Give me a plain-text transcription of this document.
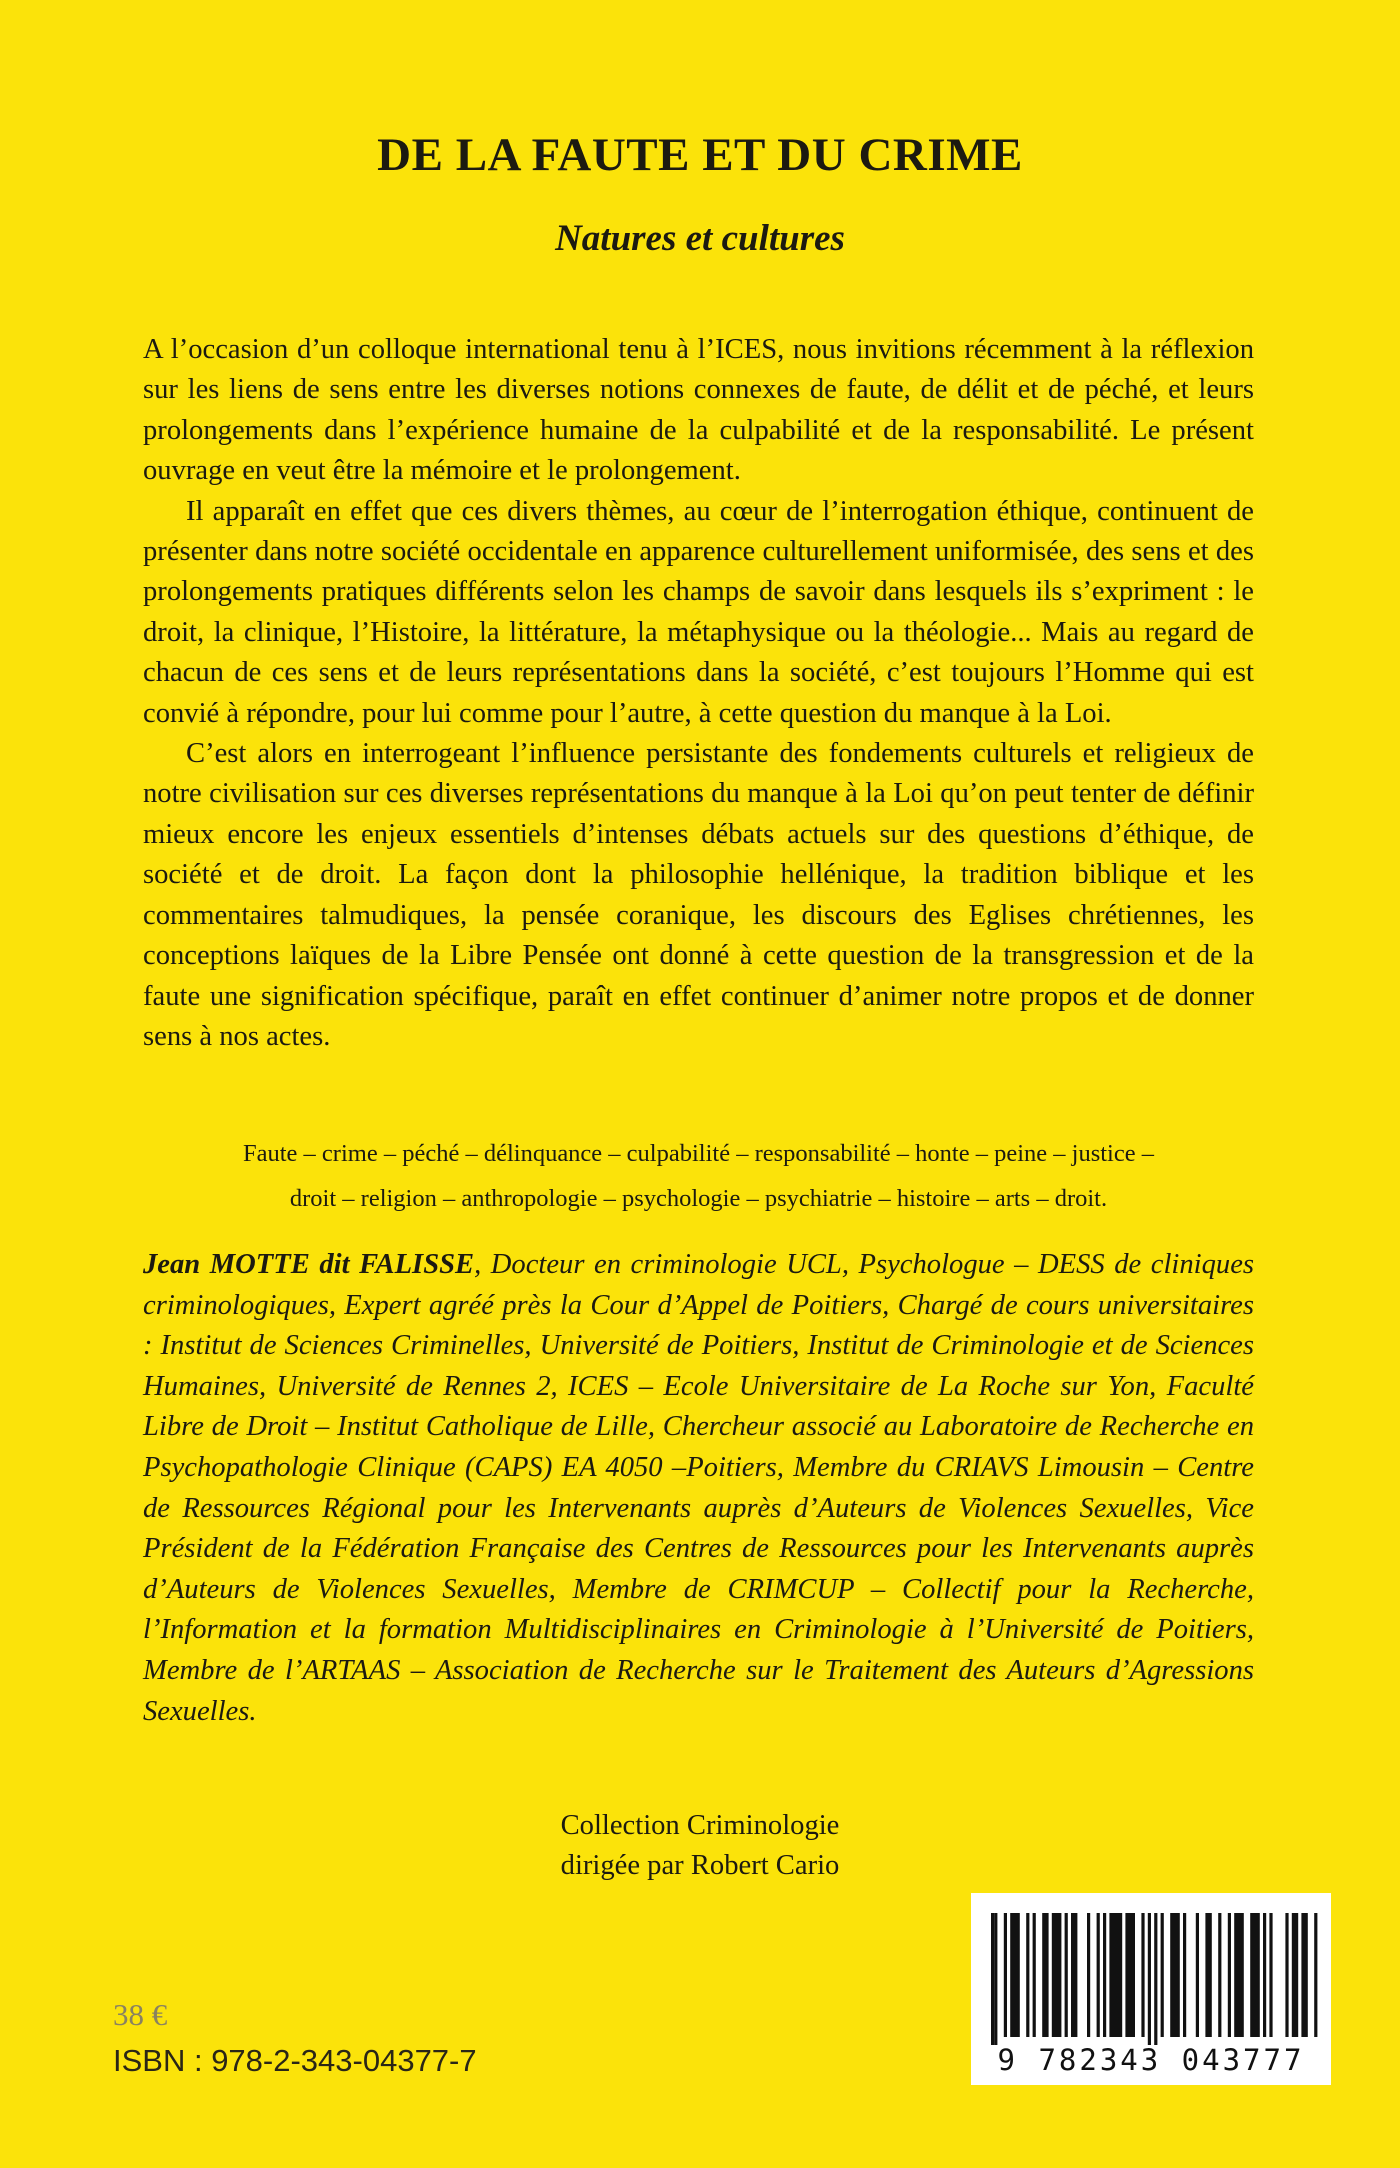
DE LA FAUTE ET DU CRIME
Natures et cultures

A l’occasion d’un colloque international tenu à l’ICES, nous invitions récemment à la réflexion sur les liens de sens entre les diverses notions connexes de faute, de délit et de péché, et leurs prolongements dans l’expérience humaine de la culpabilité et de la responsabilité. Le présent ouvrage en veut être la mémoire et le prolongement.

Il apparaît en effet que ces divers thèmes, au cœur de l’interrogation éthique, continuent de présenter dans notre société occidentale en apparence culturellement uniformisée, des sens et des prolongements pratiques différents selon les champs de savoir dans lesquels ils s’expriment : le droit, la clinique, l’Histoire, la littérature, la métaphysique ou la théologie... Mais au regard de chacun de ces sens et de leurs représentations dans la société, c’est toujours l’Homme qui est convié à répondre, pour lui comme pour l’autre, à cette question du manque à la Loi.

C’est alors en interrogeant l’influence persistante des fondements culturels et religieux de notre civilisation sur ces diverses représentations du manque à la Loi qu’on peut tenter de définir mieux encore les enjeux essentiels d’intenses débats actuels sur des questions d’éthique, de société et de droit. La façon dont la philosophie hellénique, la tradition biblique et les commentaires talmudiques, la pensée coranique, les discours des Eglises chrétiennes, les conceptions laïques de la Libre Pensée ont donné à cette question de la transgression et de la faute une signification spécifique, paraît en effet continuer d’animer notre propos et de donner sens à nos actes.

Faute – crime – péché – délinquance – culpabilité – responsabilité – honte – peine – justice –
droit – religion – anthropologie – psychologie – psychiatrie – histoire – arts – droit.
Jean MOTTE dit FALISSE, Docteur en criminologie UCL, Psychologue – DESS de cliniques criminologiques, Expert agréé près la Cour d’Appel de Poitiers, Chargé de cours universitaires : Institut de Sciences Criminelles, Université de Poitiers, Institut de Criminologie et de Sciences Humaines, Université de Rennes 2, ICES – Ecole Universitaire de La Roche sur Yon, Faculté Libre de Droit – Institut Catholique de Lille, Chercheur associé au Laboratoire de Recherche en Psychopathologie Clinique (CAPS) EA 4050 –Poitiers, Membre du CRIAVS Limousin – Centre de Ressources Régional pour les Intervenants auprès d’Auteurs de Violences Sexuelles, Vice Président de la Fédération Française des Centres de Ressources pour les Intervenants auprès d’Auteurs de Violences Sexuelles, Membre de CRIMCUP – Collectif pour la Recherche, l’Information et la formation Multidisciplinaires en Criminologie à l’Université de Poitiers, Membre de l’ARTAAS – Association de Recherche sur le Traitement des Auteurs d’Agressions Sexuelles.
Collection Criminologie
dirigée par Robert Cario
9 782343 043777
38 €
ISBN : 978-2-343-04377-7
